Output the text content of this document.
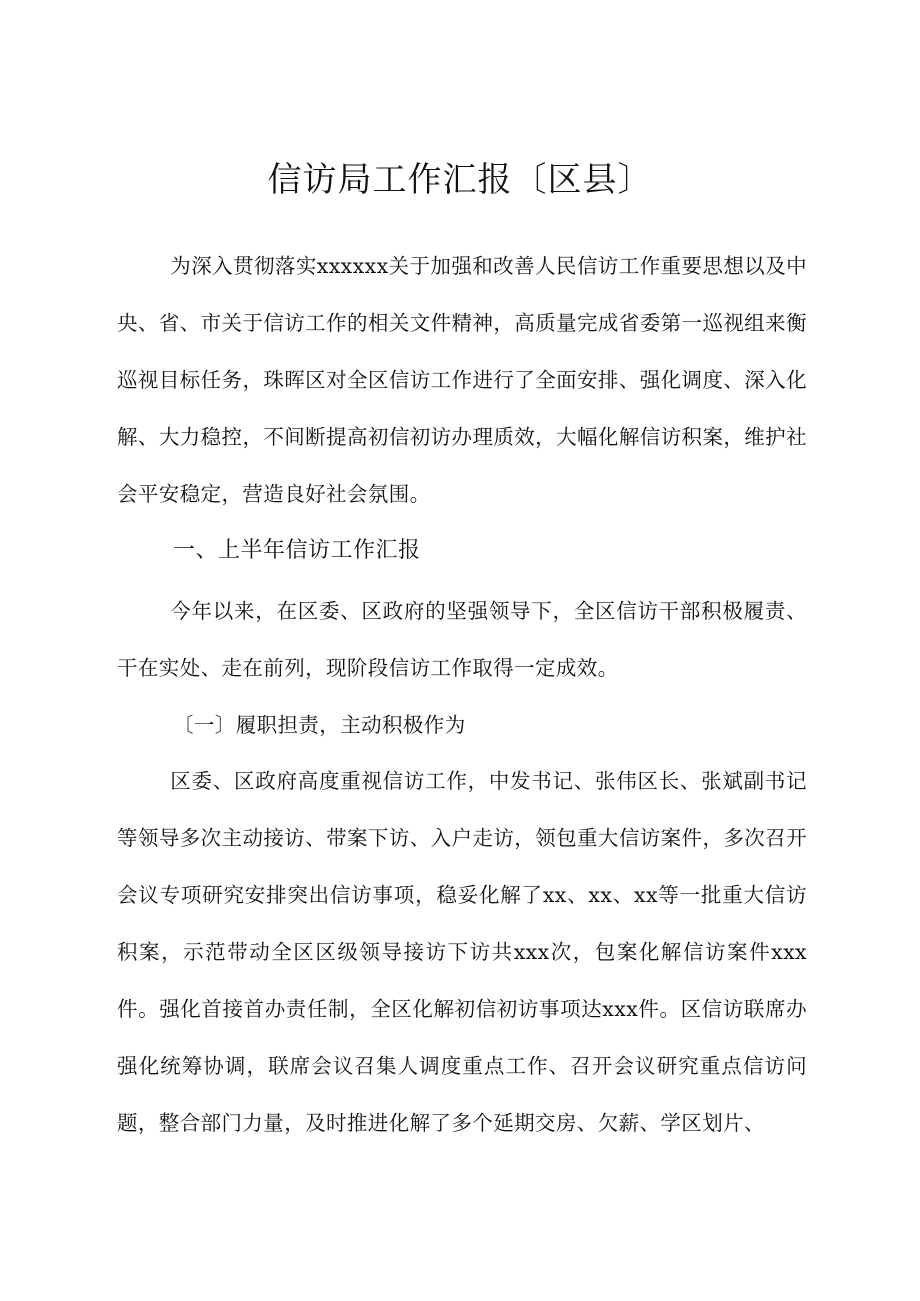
信访局工作汇报〔区县〕

为深入贯彻落实xxxxxx关于加强和改善人民信访工作重要思想以及中央、省、市关于信访工作的相关文件精神，高质量完成省委第一巡视组来衡巡视目标任务，珠晖区对全区信访工作进行了全面安排、强化调度、深入化解、大力稳控，不间断提高初信初访办理质效，大幅化解信访积案，维护社会平安稳定，营造良好社会氛围。

一、上半年信访工作汇报

今年以来，在区委、区政府的坚强领导下，全区信访干部积极履责、干在实处、走在前列，现阶段信访工作取得一定成效。

〔一〕履职担责，主动积极作为

区委、区政府高度重视信访工作，中发书记、张伟区长、张斌副书记等领导多次主动接访、带案下访、入户走访，领包重大信访案件，多次召开会议专项研究安排突出信访事项，稳妥化解了xx、xx、xx等一批重大信访积案，示范带动全区区级领导接访下访共xxx次，包案化解信访案件xxx件。强化首接首办责任制，全区化解初信初访事项达xxx件。区信访联席办强化统筹协调，联席会议召集人调度重点工作、召开会议研究重点信访问题，整合部门力量，及时推进化解了多个延期交房、欠薪、学区划片、
